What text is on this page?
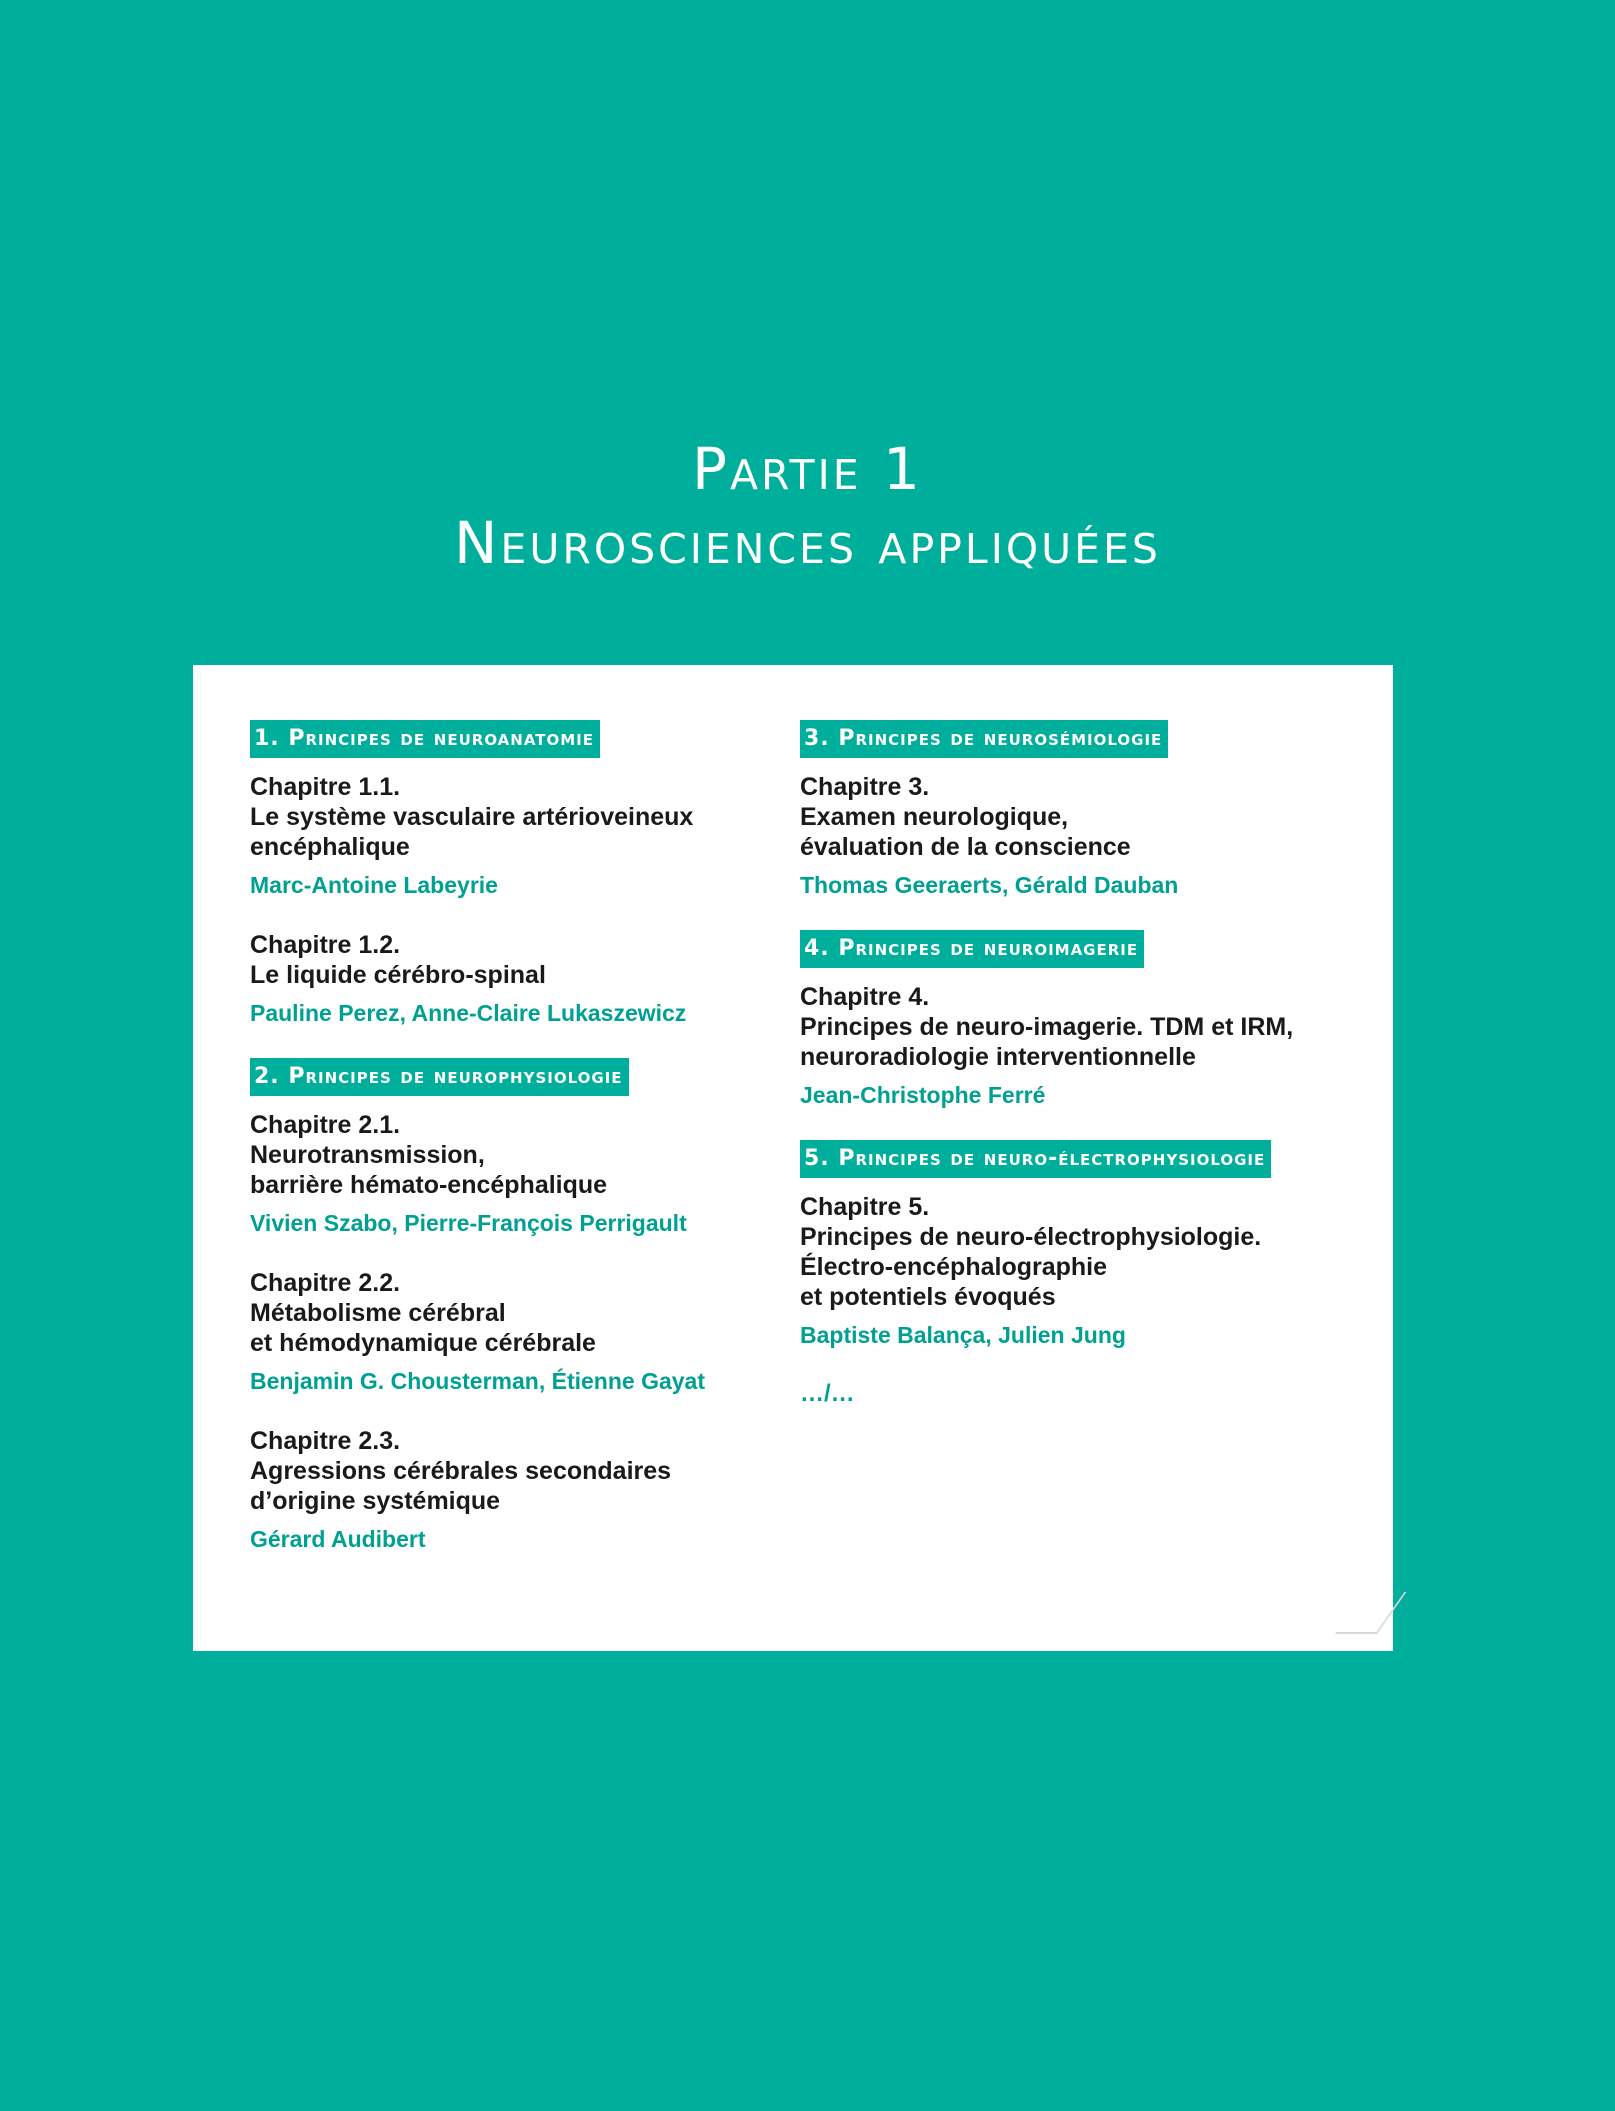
Partie 1
Neurosciences appliquées
1. Principes de neuroanatomie
Chapitre 1.1.
Le système vasculaire artérioveineux
encéphalique
Marc-Antoine Labeyrie
Chapitre 1.2.
Le liquide cérébro-spinal
Pauline Perez, Anne-Claire Lukaszewicz
2. Principes de neurophysiologie
Chapitre 2.1.
Neurotransmission,
barrière hémato-encéphalique
Vivien Szabo, Pierre-François Perrigault
Chapitre 2.2.
Métabolisme cérébral
et hémodynamique cérébrale
Benjamin G. Chousterman, Étienne Gayat
Chapitre 2.3.
Agressions cérébrales secondaires
d’origine systémique
Gérard Audibert
3. Principes de neurosémiologie
Chapitre 3.
Examen neurologique,
évaluation de la conscience
Thomas Geeraerts, Gérald Dauban
4. Principes de neuroimagerie
Chapitre 4.
Principes de neuro-imagerie. TDM et IRM,
neuroradiologie interventionnelle
Jean-Christophe Ferré
5. Principes de neuro-électrophysiologie
Chapitre 5.
Principes de neuro-électrophysiologie.
Électro-encéphalographie
et potentiels évoqués
Baptiste Balança, Julien Jung
…/…
